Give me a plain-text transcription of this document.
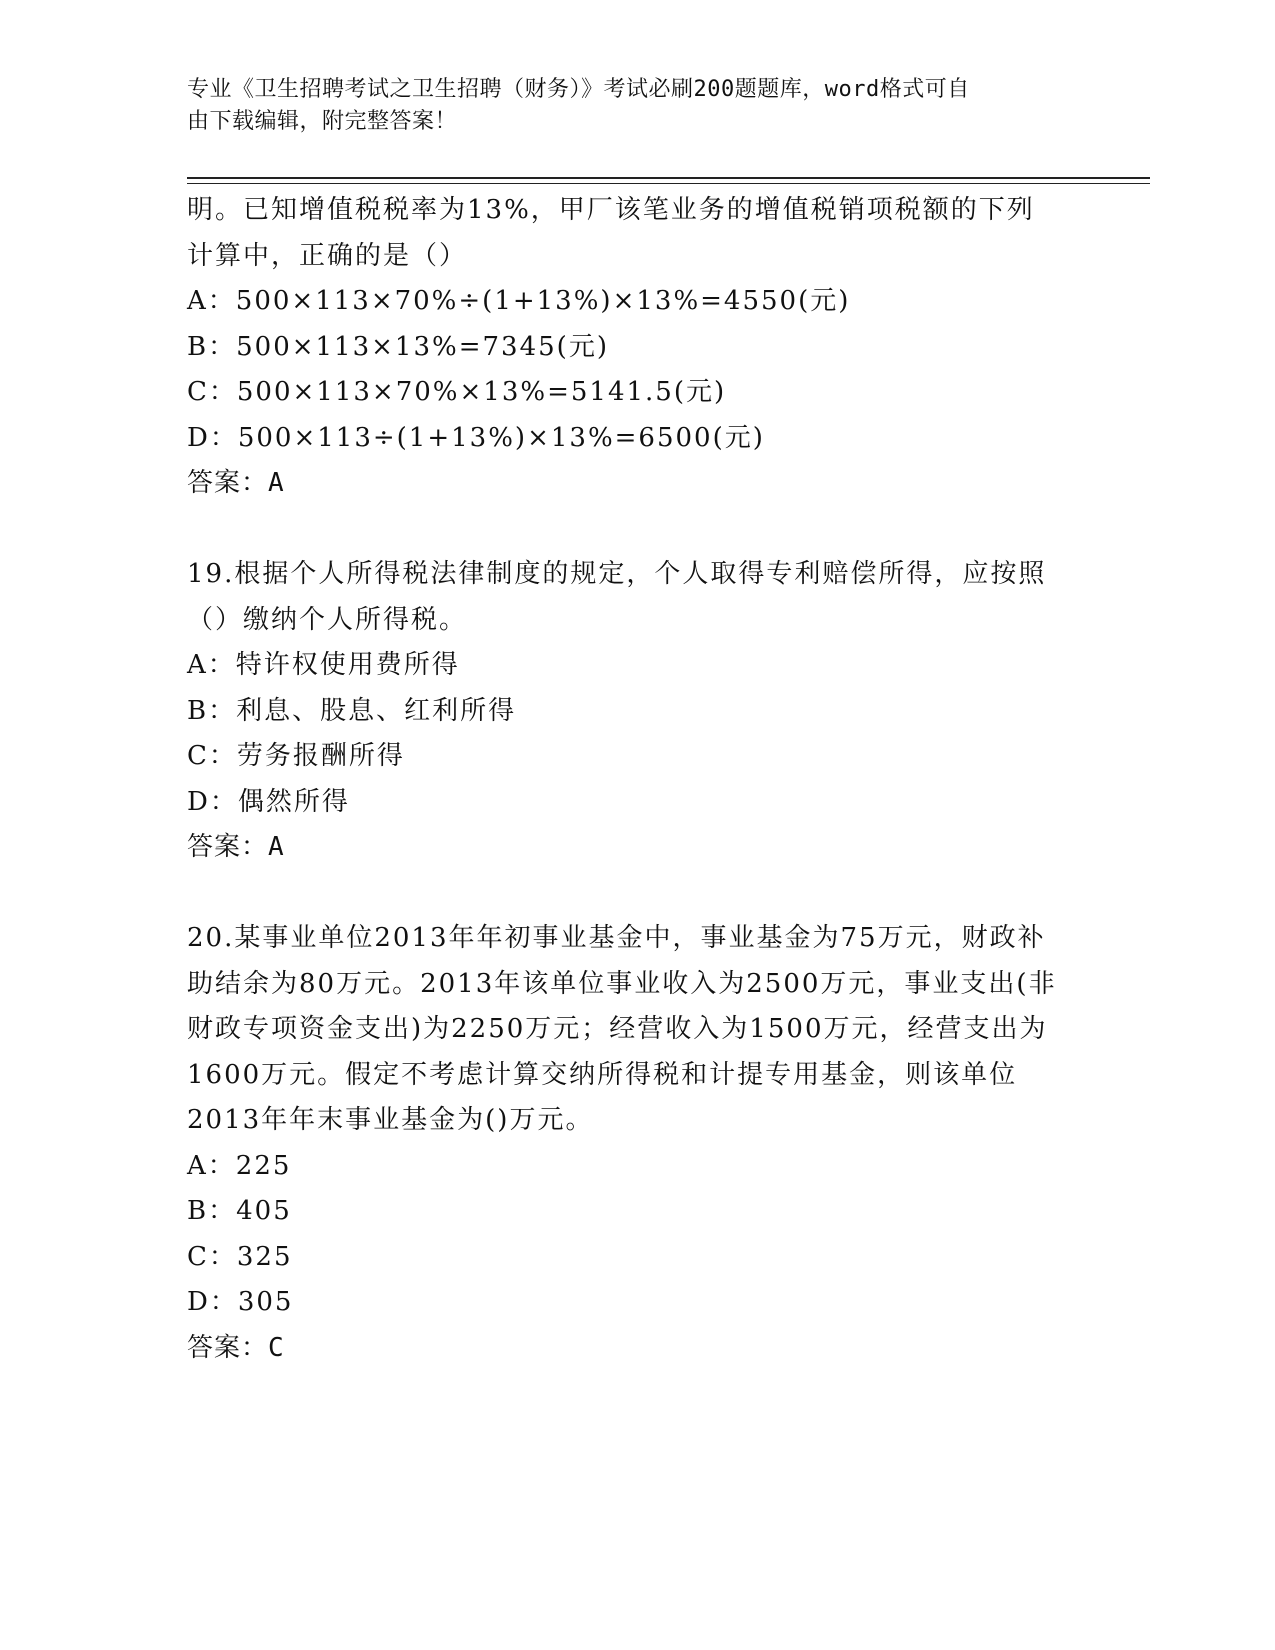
专业《卫生招聘考试之卫生招聘（财务）》考试必刷200题题库，word格式可自
由下载编辑，附完整答案！
明。已知增值税税率为13%，甲厂该笔业务的增值税销项税额的下列
计算中，正确的是（）
A：500×113×70%÷(1+13%)×13%=4550(元)
B：500×113×13%=7345(元)
C：500×113×70%×13%=5141.5(元)
D：500×113÷(1+13%)×13%=6500(元)
答案：A
19.根据个人所得税法律制度的规定，个人取得专利赔偿所得，应按照
（）缴纳个人所得税。
A：特许权使用费所得
B：利息、股息、红利所得
C：劳务报酬所得
D：偶然所得
答案：A
20.某事业单位2013年年初事业基金中，事业基金为75万元，财政补
助结余为80万元。2013年该单位事业收入为2500万元，事业支出(非
财政专项资金支出)为2250万元；经营收入为1500万元，经营支出为
1600万元。假定不考虑计算交纳所得税和计提专用基金，则该单位
2013年年末事业基金为()万元。
A：225
B：405
C：325
D：305
答案：C
